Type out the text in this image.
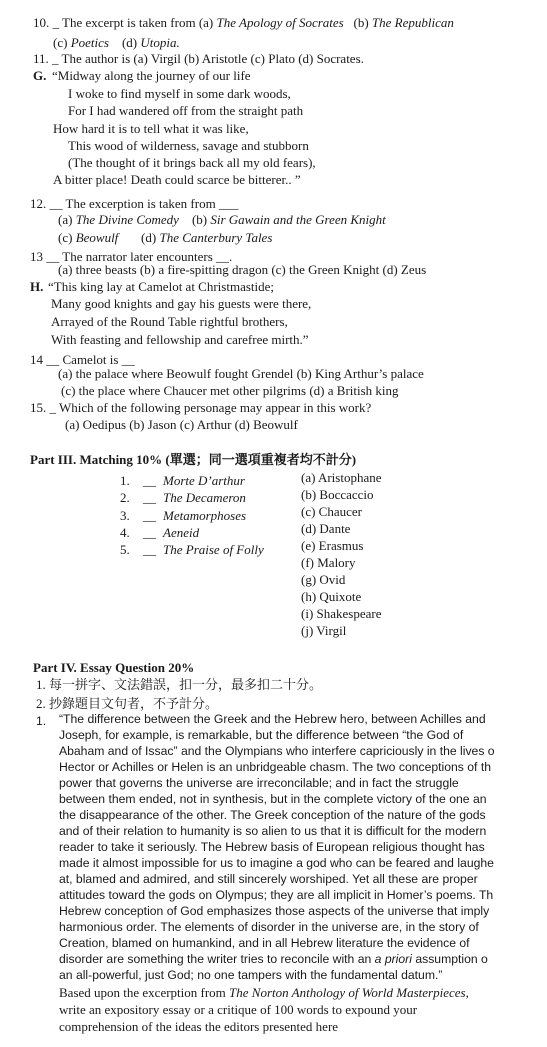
10. _ The excerpt is taken from (a) The Apology of Socrates (b) The Republican
(c) Poetics (d) Utopia.
11. _ The author is (a) Virgil (b) Aristotle (c) Plato (d) Socrates.
G. “Midway along the journey of our life
I woke to find myself in some dark woods,
For I had wandered off from the straight path
How hard it is to tell what it was like,
This wood of wilderness, savage and stubborn
(The thought of it brings back all my old fears),
A bitter place! Death could scarce be bitterer.. ”
12. __ The excerption is taken from ___
(a) The Divine Comedy (b) Sir Gawain and the Green Knight
(c) Beowulf (d) The Canterbury Tales
13 __ The narrator later encounters __.
(a) three beasts (b) a fire-spitting dragon (c) the Green Knight (d) Zeus
H. “This king lay at Camelot at Christmastide;
Many good knights and gay his guests were there,
Arrayed of the Round Table rightful brothers,
With feasting and fellowship and carefree mirth.”
14 __ Camelot is __
(a) the palace where Beowulf fought Grendel (b) King Arthur’s palace
(c) the place where Chaucer met other pilgrims (d) a British king
15. _ Which of the following personage may appear in this work?
(a) Oedipus (b) Jason (c) Arthur (d) Beowulf
Part III. Matching 10% (單選；同一選項重複者均不計分)
1. __ Morte D’arthur
2. __ The Decameron
3. __ Metamorphoses
4. __ Aeneid
5. __ The Praise of Folly
(a) Aristophane
(b) Boccaccio
(c) Chaucer
(d) Dante
(e) Erasmus
(f) Malory
(g) Ovid
(h) Quixote
(i) Shakespeare
(j) Virgil
Part IV. Essay Question 20%
1. 每一拼字、文法錯誤，扣一分，最多扣二十分。
2. 抄錄題目文句者，不予計分。
1. “The difference between the Greek and the Hebrew hero, between Achilles and
Joseph, for example, is remarkable, but the difference between “the God of
Abaham and of Issac” and the Olympians who interfere capriciously in the lives o
Hector or Achilles or Helen is an unbridgeable chasm. The two conceptions of th
power that governs the universe are irreconcilable; and in fact the struggle
between them ended, not in synthesis, but in the complete victory of the one an
the disappearance of the other. The Greek conception of the nature of the gods
and of their relation to humanity is so alien to us that it is difficult for the modern
reader to take it seriously. The Hebrew basis of European religious thought has
made it almost impossible for us to imagine a god who can be feared and laughe
at, blamed and admired, and still sincerely worshiped. Yet all these are proper
attitudes toward the gods on Olympus; they are all implicit in Homer’s poems. Th
Hebrew conception of God emphasizes those aspects of the universe that imply
harmonious order. The elements of disorder in the universe are, in the story of
Creation, blamed on humankind, and in all Hebrew literature the evidence of
disorder are something the writer tries to reconcile with an a priori assumption o
an all-powerful, just God; no one tampers with the fundamental datum.”
Based upon the excerption from The Norton Anthology of World Masterpieces,
write an expository essay or a critique of 100 words to expound your
comprehension of the ideas the editors presented here
